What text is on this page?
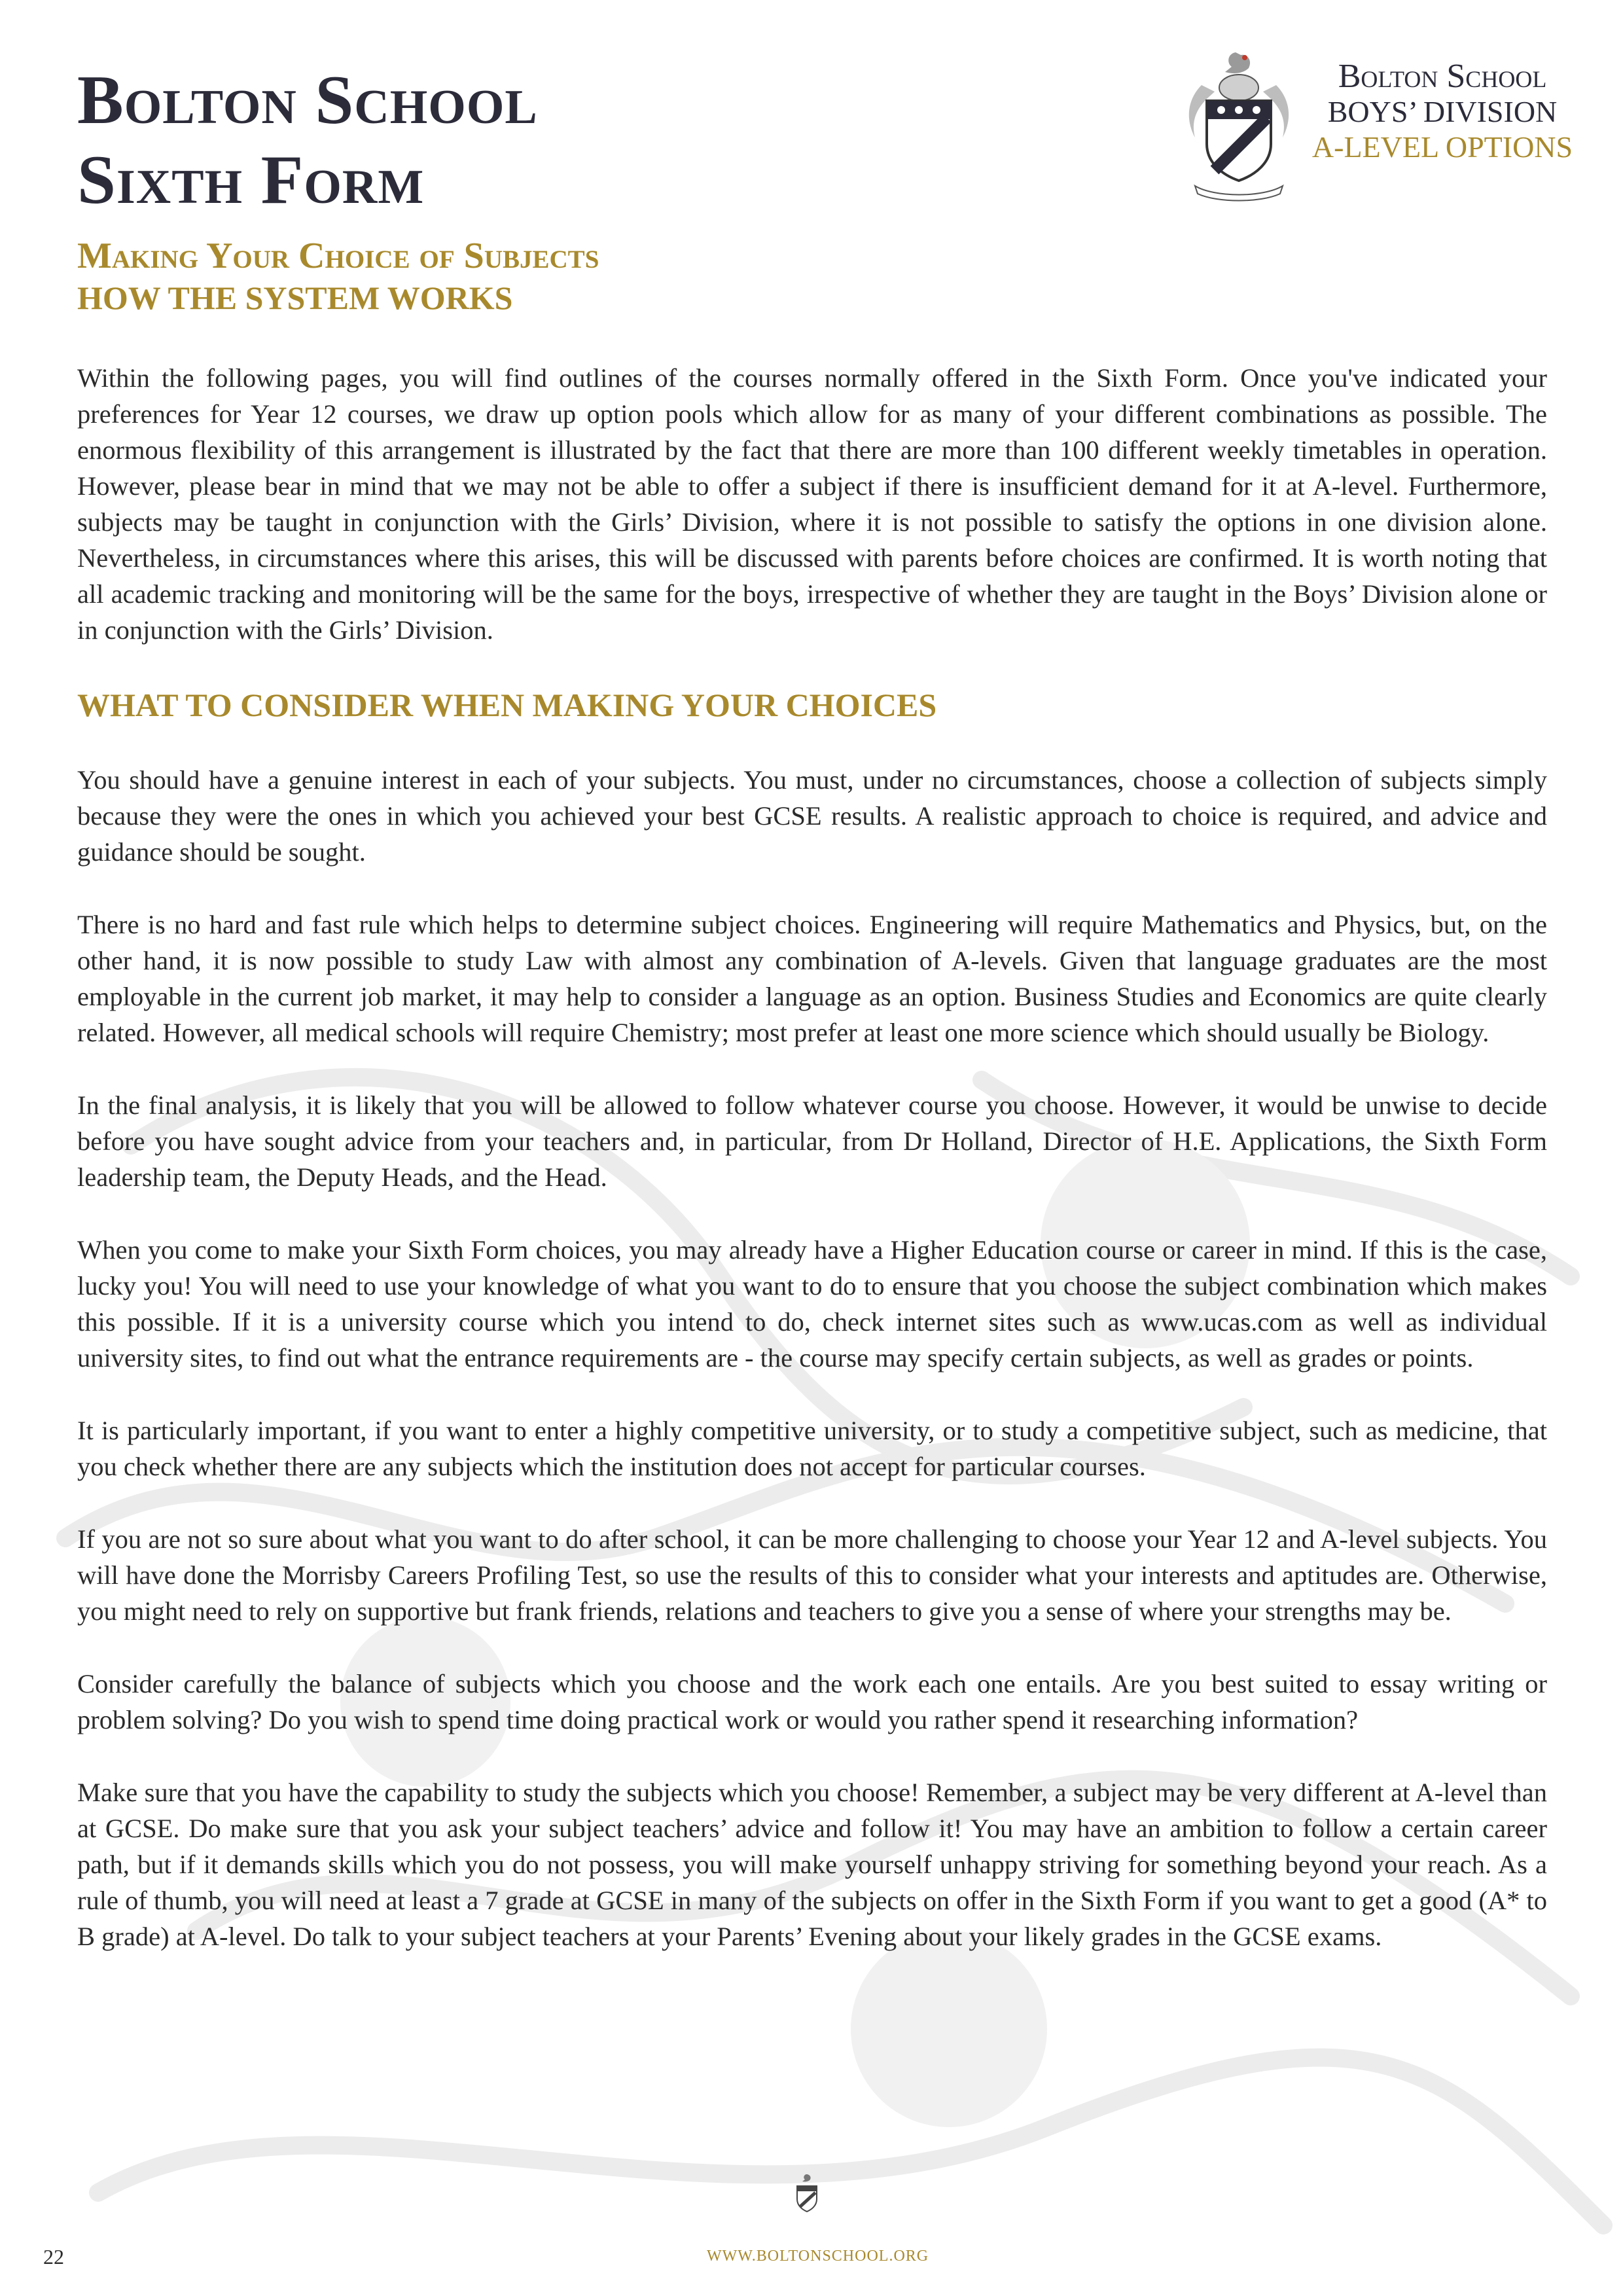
Bolton School
Sixth Form
Bolton School
BOYS’ DIVISION
A-LEVEL OPTIONS
Making Your Choice of Subjects
HOW THE SYSTEM WORKS

Within the following pages, you will find outlines of the courses normally offered in the Sixth Form. Once you've indicated your preferences for Year 12 courses, we draw up option pools which allow for as many of your different combinations as possible. The enormous flexibility of this arrangement is illustrated by the fact that there are more than 100 different weekly timetables in operation. However, please bear in mind that we may not be able to offer a subject if there is insufficient demand for it at A-level. Furthermore, subjects may be taught in conjunction with the Girls’ Division, where it is not possible to satisfy the options in one division alone. Nevertheless, in circumstances where this arises, this will be discussed with parents before choices are confirmed. It is worth noting that all academic tracking and monitoring will be the same for the boys, irrespective of whether they are taught in the Boys’ Division alone or in conjunction with the Girls’ Division.

WHAT TO CONSIDER WHEN MAKING YOUR CHOICES

You should have a genuine interest in each of your subjects. You must, under no circumstances, choose a collection of subjects simply because they were the ones in which you achieved your best GCSE results. A realistic approach to choice is required, and advice and guidance should be sought.

There is no hard and fast rule which helps to determine subject choices. Engineering will require Mathematics and Physics, but, on the other hand, it is now possible to study Law with almost any combination of A-levels. Given that language graduates are the most employable in the current job market, it may help to consider a language as an option. Business Studies and Economics are quite clearly related. However, all medical schools will require Chemistry; most prefer at least one more science which should usually be Biology.

In the final analysis, it is likely that you will be allowed to follow whatever course you choose. However, it would be unwise to decide before you have sought advice from your teachers and, in particular, from Dr Holland, Director of H.E. Applications, the Sixth Form leadership team, the Deputy Heads, and the Head.

When you come to make your Sixth Form choices, you may already have a Higher Education course or career in mind. If this is the case, lucky you! You will need to use your knowledge of what you want to do to ensure that you choose the subject combination which makes this possible. If it is a university course which you intend to do, check internet sites such as www.ucas.com as well as individual university sites, to find out what the entrance requirements are - the course may specify certain subjects, as well as grades or points.

It is particularly important, if you want to enter a highly competitive university, or to study a competitive subject, such as medicine, that you check whether there are any subjects which the institution does not accept for particular courses.

If you are not so sure about what you want to do after school, it can be more challenging to choose your Year 12 and A-level subjects. You will have done the Morrisby Careers Profiling Test, so use the results of this to consider what your interests and aptitudes are. Otherwise, you might need to rely on supportive but frank friends, relations and teachers to give you a sense of where your strengths may be.

Consider carefully the balance of subjects which you choose and the work each one entails. Are you best suited to essay writing or problem solving? Do you wish to spend time doing practical work or would you rather spend it researching information?

Make sure that you have the capability to study the subjects which you choose! Remember, a subject may be very different at A-level than at GCSE. Do make sure that you ask your subject teachers’ advice and follow it! You may have an ambition to follow a certain career path, but if it demands skills which you do not possess, you will make yourself unhappy striving for something beyond your reach. As a rule of thumb, you will need at least a 7 grade at GCSE in many of the subjects on offer in the Sixth Form if you want to get a good (A* to B grade) at A-level. Do talk to your subject teachers at your Parents’ Evening about your likely grades in the GCSE exams.

22	WWW.BOLTONSCHOOL.ORG
